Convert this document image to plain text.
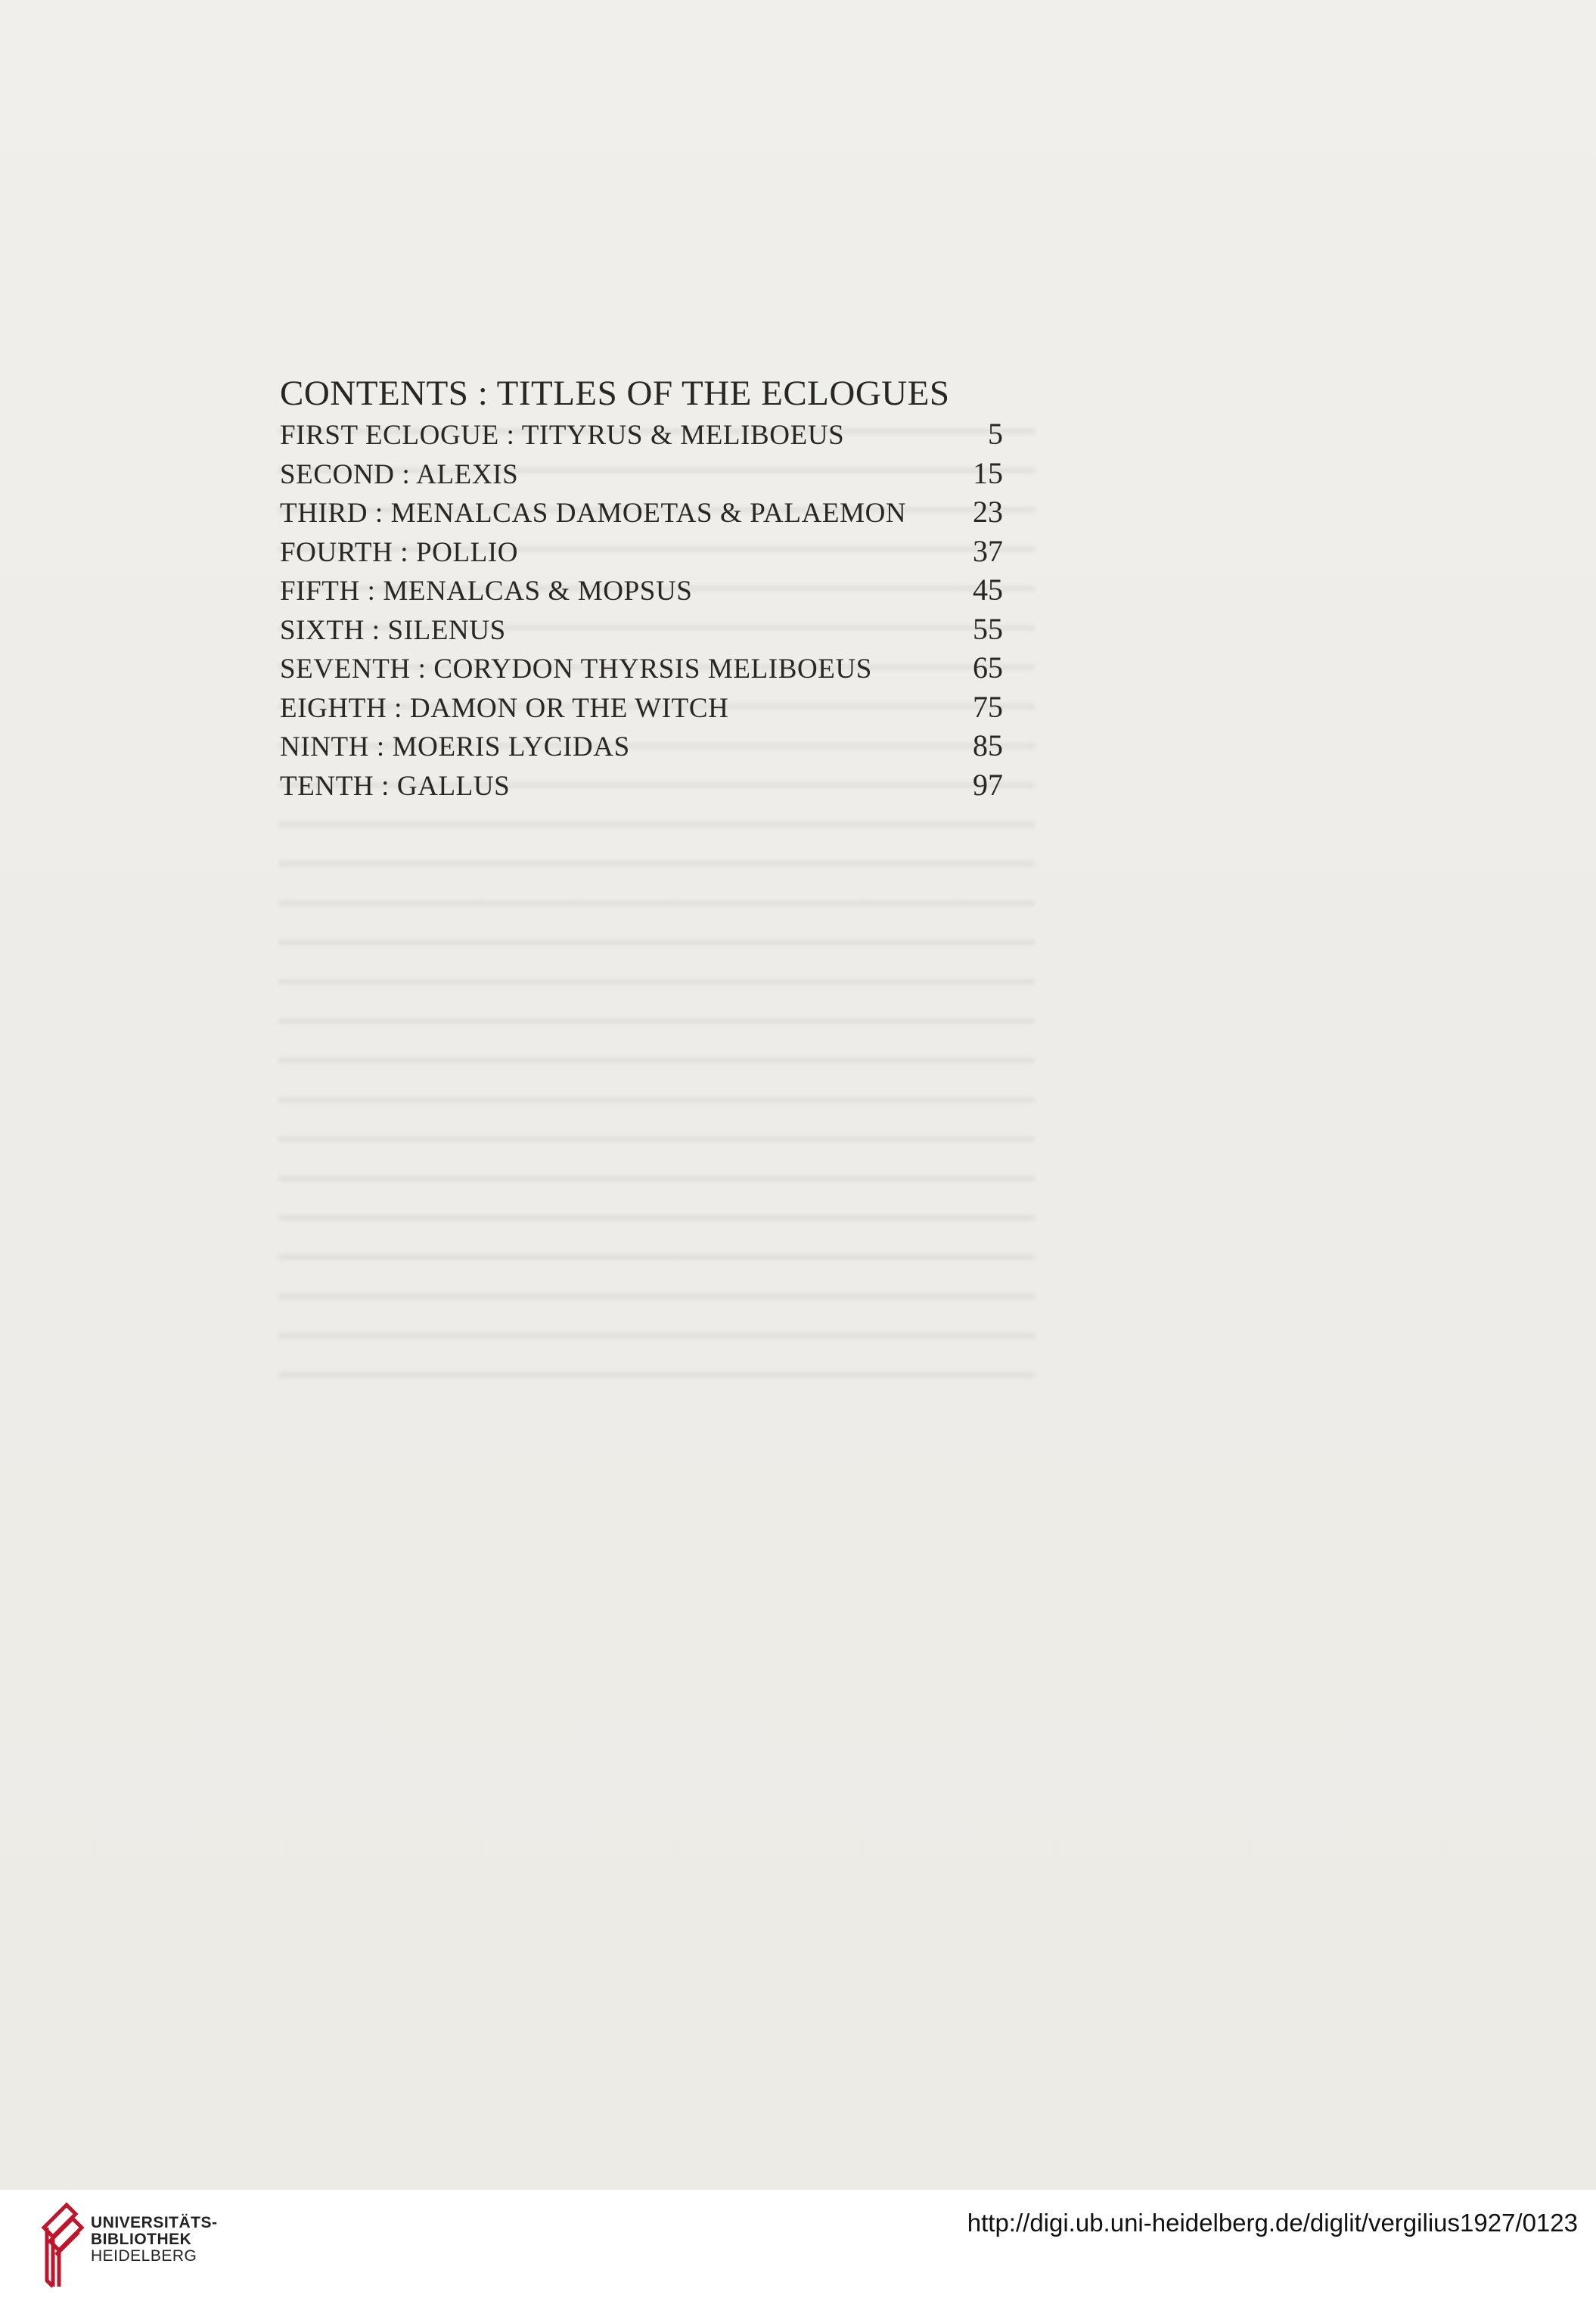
CONTENTS : TITLES OF THE ECLOGUES
FIRST ECLOGUE : TITYRUS & MELIBOEUS	5
SECOND : ALEXIS	15
THIRD : MENALCAS DAMOETAS & PALAEMON 23
FOURTH : POLLIO	37
FIFTH : MENALCAS & MOPSUS	45
SIXTH : SILENUS	55
SEVENTH : CORYDON THYRSIS MELIBOEUS	65
EIGHTH : DAMON OR THE WITCH	75
NINTH : MOERIS LYCIDAS	85
TENTH : GALLUS	97
UNIVERSITÄTS-
BIBLIOTHEK
HEIDELBERG
http://digi.ub.uni-heidelberg.de/diglit/vergilius1927/0123
